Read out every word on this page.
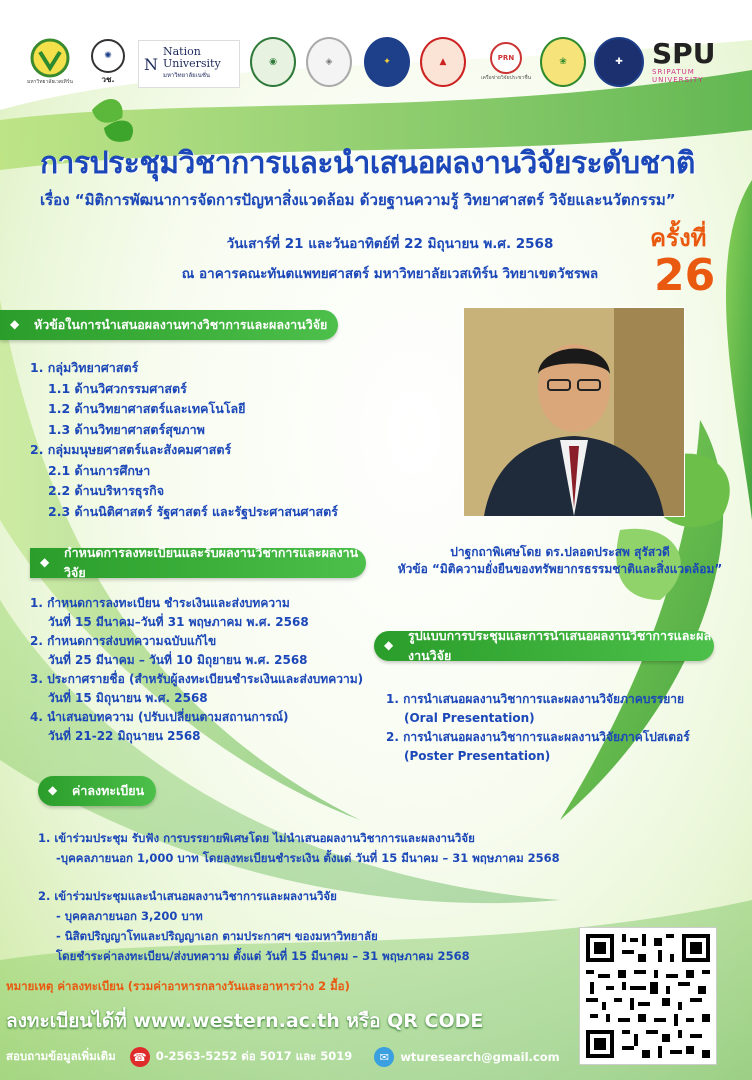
มหาวิทยาลัยเวสเทิร์น
✺
วช.
N
Nation
University
มหาวิทยาลัยเนชั่น
◉	◈	✦	▲	PRN
เครือข่ายวิจัยประชาชื่น
❀	✚	SPU
SRIPATUM
UNIVERSITY
การประชุมวิชาการและนำเสนอผลงานวิจัยระดับชาติ
เรื่อง “มิติการพัฒนาการจัดการปัญหาสิ่งแวดล้อม ด้วยฐานความรู้ วิทยาศาสตร์ วิจัยและนวัตกรรม”
วันเสาร์ที่ 21 และวันอาทิตย์ที่ 22 มิถุนายน พ.ศ. 2568
ณ อาคารคณะทันตแพทยศาสตร์ มหาวิทยาลัยเวสเทิร์น วิทยาเขตวัชรพล
ครั้งที่
26
◆	หัวข้อในการนำเสนอผลงานทางวิชาการและผลงานวิจัย
1. กลุ่มวิทยาศาสตร์
1.1 ด้านวิศวกรรมศาสตร์
1.2 ด้านวิทยาศาสตร์และเทคโนโลยี
1.3 ด้านวิทยาศาสตร์สุขภาพ
2. กลุ่มมนุษยศาสตร์และสังคมศาสตร์
2.1 ด้านการศึกษา
2.2 ด้านบริหารธุรกิจ
2.3 ด้านนิติศาสตร์ รัฐศาสตร์ และรัฐประศาสนศาสตร์
ปาฐกถาพิเศษโดย ดร.ปลอดประสพ สุรัสวดี
หัวข้อ “มิติความยั่งยืนของทรัพยากรธรรมชาติและสิ่งแวดล้อม”
◆
กำหนดการลงทะเบียนและรับผลงานวิชาการและผลงานวิจัย
1. กำหนดการลงทะเบียน ชำระเงินและส่งบทความ
วันที่ 15 มีนาคม–วันที่ 31 พฤษภาคม พ.ศ. 2568
2. กำหนดการส่งบทความฉบับแก้ไข
วันที่ 25 มีนาคม – วันที่ 10 มิถุยายน พ.ศ. 2568
3. ประกาศรายชื่อ (สำหรับผู้ลงทะเบียนชำระเงินและส่งบทความ)
วันที่ 15 มิถุนายน พ.ศ. 2568
4. นำเสนอบทความ (ปรับเปลี่ยนตามสถานการณ์)
วันที่ 21-22 มิถุนายน 2568
◆
รูปแบบการประชุมและการนำเสนอผลงานวิชาการและผลงานวิจัย
1. การนำเสนอผลงานวิชาการและผลงานวิจัยภาคบรรยาย
(Oral Presentation)
2. การนำเสนอผลงานวิชาการและผลงานวิจัยภาคโปสเตอร์
(Poster Presentation)
◆	ค่าลงทะเบียน
1. เข้าร่วมประชุม รับฟัง การบรรยายพิเศษโดย ไม่นำเสนอผลงานวิชาการและผลงานวิจัย
-บุคคลภายนอก 1,000 บาท โดยลงทะเบียนชำระเงิน ตั้งแต่ วันที่ 15 มีนาคม – 31 พฤษภาคม 2568
2. เข้าร่วมประชุมและนำเสนอผลงานวิชาการและผลงานวิจัย
- บุคคลภายนอก 3,200 บาท
- นิสิตปริญญาโทและปริญญาเอก ตามประกาศฯ ของมหาวิทยาลัย
โดยชำระค่าลงทะเบียน/ส่งบทความ ตั้งแต่ วันที่ 15 มีนาคม – 31 พฤษภาคม 2568
หมายเหตุ ค่าลงทะเบียน (รวมค่าอาหารกลางวันและอาหารว่าง 2 มื้อ)
ลงทะเบียนได้ที่ www.western.ac.th หรือ QR CODE
สอบถามข้อมูลเพิ่มเติม ☎ 0-2563-5252 ต่อ 5017 และ 5019	✉ wturesearch@gmail.com
